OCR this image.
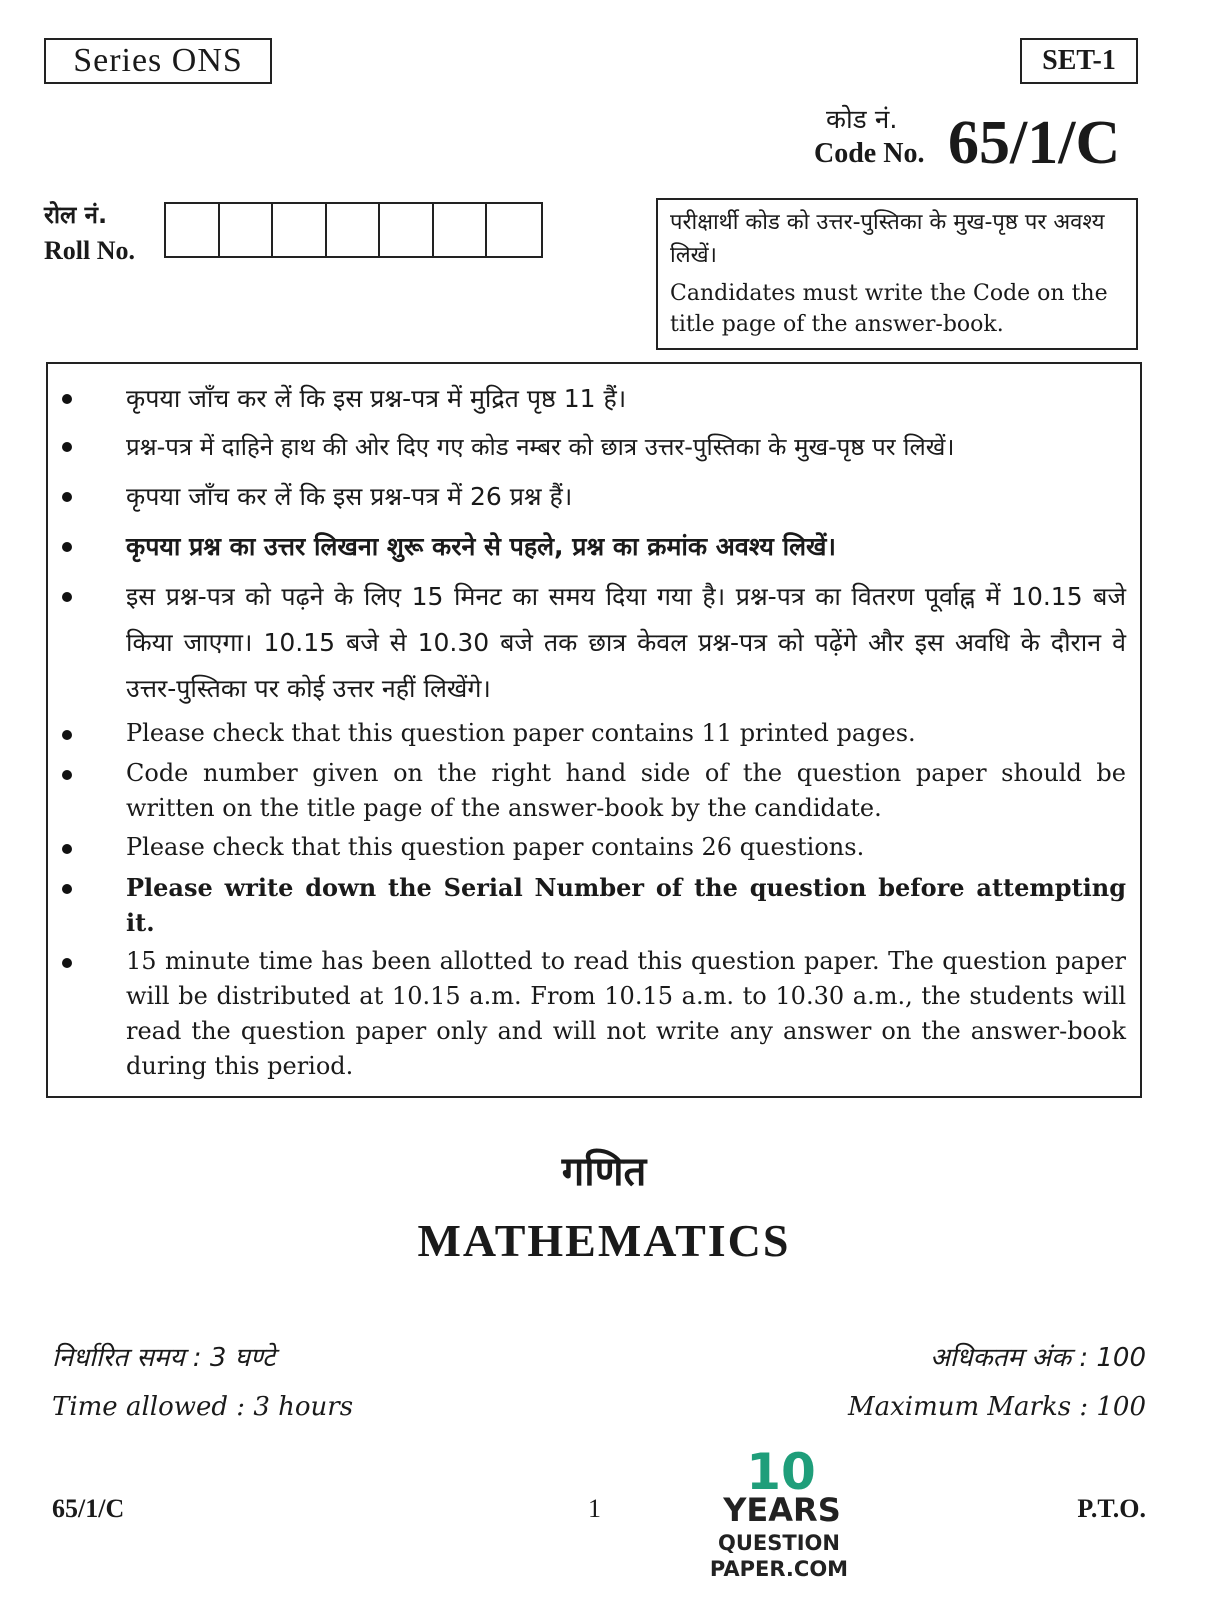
Series ONS	SET-1
कोड नं.
Code No. 65/1/C
रोल नं.
Roll No.
परीक्षार्थी कोड को उत्तर-पुस्तिका के मुख-पृष्ठ पर अवश्य लिखें।
Candidates must write the Code on the title page of the answer-book.
कृपया जाँच कर लें कि इस प्रश्न-पत्र में मुद्रित पृष्ठ 11 हैं।
प्रश्न-पत्र में दाहिने हाथ की ओर दिए गए कोड नम्बर को छात्र उत्तर-पुस्तिका के मुख-पृष्ठ पर लिखें।
कृपया जाँच कर लें कि इस प्रश्न-पत्र में 26 प्रश्न हैं।
कृपया प्रश्न का उत्तर लिखना शुरू करने से पहले, प्रश्न का क्रमांक अवश्य लिखें।
इस प्रश्न-पत्र को पढ़ने के लिए 15 मिनट का समय दिया गया है। प्रश्न-पत्र का वितरण पूर्वाह्न में 10.15 बजे किया जाएगा। 10.15 बजे से 10.30 बजे तक छात्र केवल प्रश्न-पत्र को पढ़ेंगे और इस अवधि के दौरान वे उत्तर-पुस्तिका पर कोई उत्तर नहीं लिखेंगे।
Please check that this question paper contains 11 printed pages.
Code number given on the right hand side of the question paper should be written on the title page of the answer-book by the candidate.
Please check that this question paper contains 26 questions.
Please write down the Serial Number of the question before attempting it.
15 minute time has been allotted to read this question paper. The question paper will be distributed at 10.15 a.m. From 10.15 a.m. to 10.30 a.m., the students will read the question paper only and will not write any answer on the answer-book during this period.
गणित
MATHEMATICS
निर्धारित समय : 3 घण्टे
Time allowed : 3 hours
अधिकतम अंक : 100
Maximum Marks : 100
65/1/C	1	P.T.O.
10
YEARS
QUESTION PAPER.COM
